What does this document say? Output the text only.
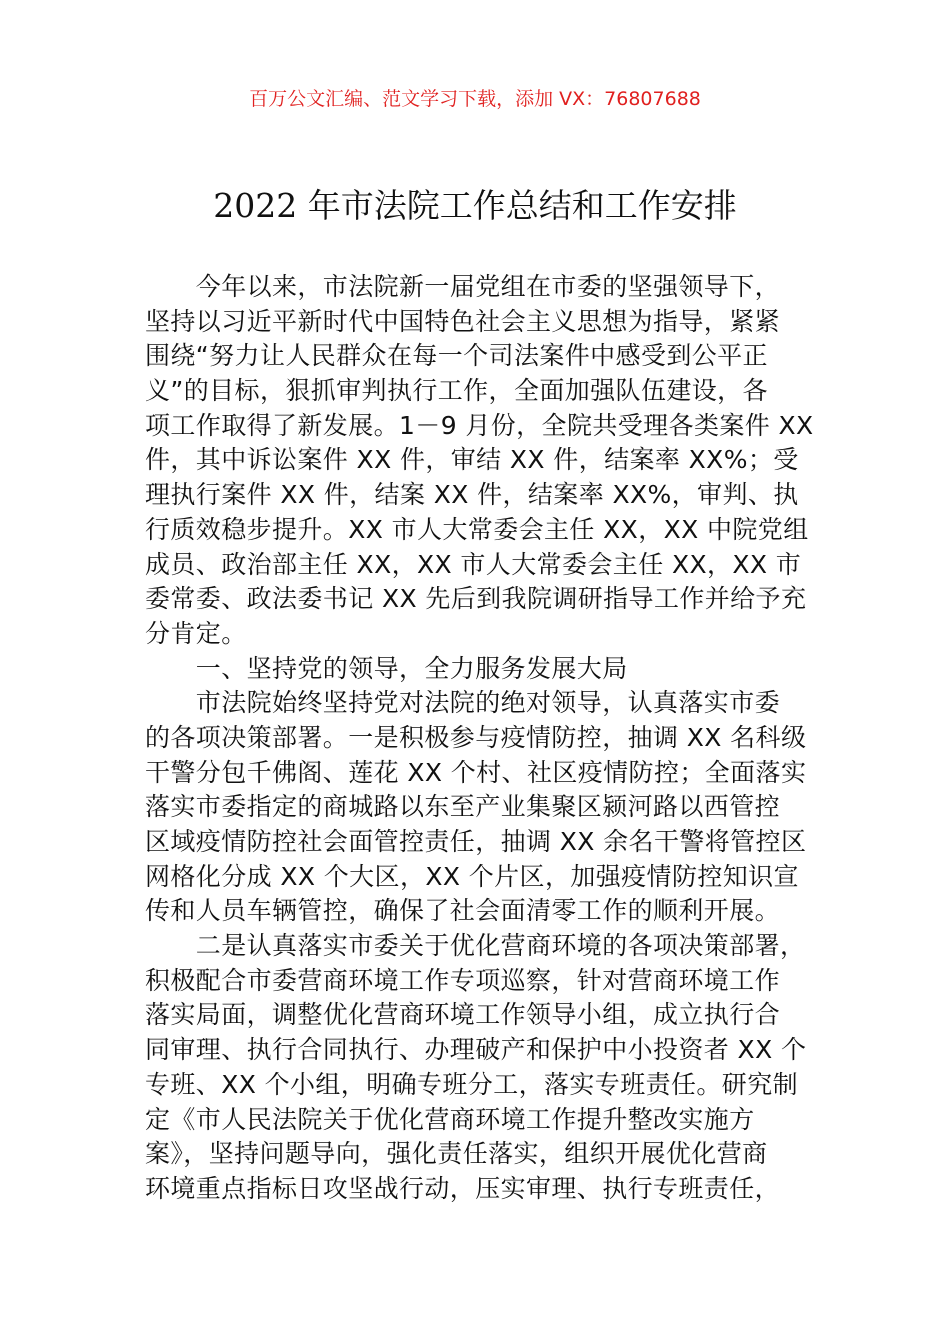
百万公文汇编、范文学习下载，添加 VX：76807688
2022 年市法院工作总结和工作安排
　　今年以来，市法院新一届党组在市委的坚强领导下，
坚持以习近平新时代中国特色社会主义思想为指导，紧紧
围绕“努力让人民群众在每一个司法案件中感受到公平正
义”的目标，狠抓审判执行工作，全面加强队伍建设，各
项工作取得了新发展。1－9 月份，全院共受理各类案件 XX
件，其中诉讼案件 XX 件，审结 XX 件，结案率 XX%；受
理执行案件 XX 件，结案 XX 件，结案率 XX%，审判、执
行质效稳步提升。XX 市人大常委会主任 XX，XX 中院党组
成员、政治部主任 XX，XX 市人大常委会主任 XX，XX 市
委常委、政法委书记 XX 先后到我院调研指导工作并给予充
分肯定。
　　一、坚持党的领导，全力服务发展大局
　　市法院始终坚持党对法院的绝对领导，认真落实市委
的各项决策部署。一是积极参与疫情防控，抽调 XX 名科级
干警分包千佛阁、莲花 XX 个村、社区疫情防控；全面落实
落实市委指定的商城路以东至产业集聚区颍河路以西管控
区域疫情防控社会面管控责任，抽调 XX 余名干警将管控区
网格化分成 XX 个大区，XX 个片区，加强疫情防控知识宣
传和人员车辆管控，确保了社会面清零工作的顺利开展。
　　二是认真落实市委关于优化营商环境的各项决策部署，
积极配合市委营商环境工作专项巡察，针对营商环境工作
落实局面，调整优化营商环境工作领导小组，成立执行合
同审理、执行合同执行、办理破产和保护中小投资者 XX 个
专班、XX 个小组，明确专班分工，落实专班责任。研究制
定《市人民法院关于优化营商环境工作提升整改实施方
案》，坚持问题导向，强化责任落实，组织开展优化营商
环境重点指标日攻坚战行动，压实审理、执行专班责任，
